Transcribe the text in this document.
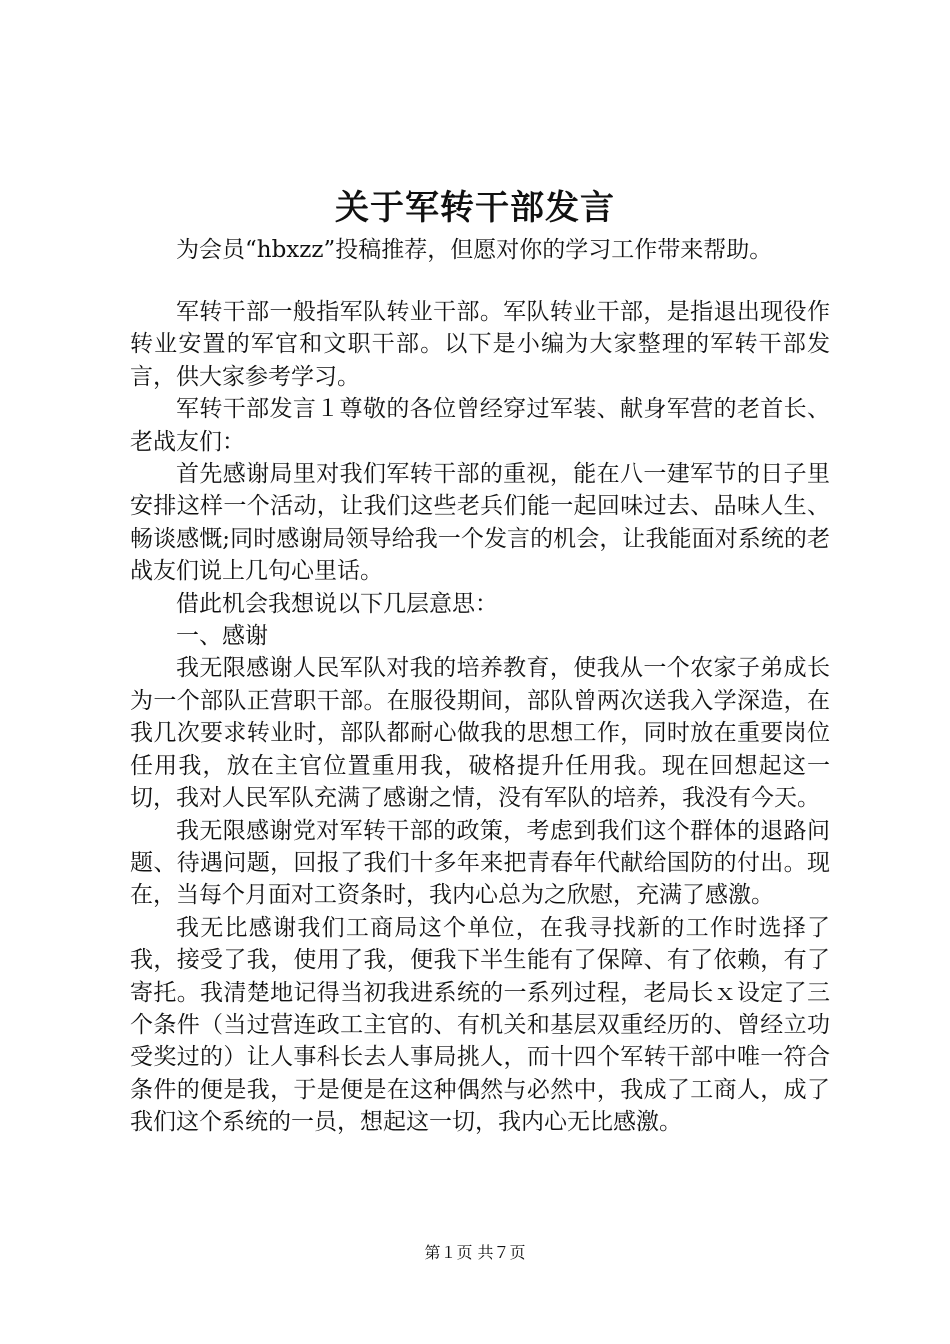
关于军转干部发言
为会员“hbxzz”投稿推荐，但愿对你的学习工作带来帮助。

军转干部一般指军队转业干部。军队转业干部，是指退出现役作转业安置的军官和文职干部。以下是小编为大家整理的军转干部发言，供大家参考学习。

军转干部发言１尊敬的各位曾经穿过军装、献身军营的老首长、老战友们：

首先感谢局里对我们军转干部的重视，能在八一建军节的日子里安排这样一个活动，让我们这些老兵们能一起回味过去、品味人生、畅谈感慨;同时感谢局领导给我一个发言的机会，让我能面对系统的老战友们说上几句心里话。

借此机会我想说以下几层意思：

一、感谢

我无限感谢人民军队对我的培养教育，使我从一个农家子弟成长为一个部队正营职干部。在服役期间，部队曾两次送我入学深造，在我几次要求转业时，部队都耐心做我的思想工作，同时放在重要岗位任用我，放在主官位置重用我，破格提升任用我。现在回想起这一切，我对人民军队充满了感谢之情，没有军队的培养，我没有今天。

我无限感谢党对军转干部的政策，考虑到我们这个群体的退路问题、待遇问题，回报了我们十多年来把青春年代献给国防的付出。现在，当每个月面对工资条时，我内心总为之欣慰，充满了感激。

我无比感谢我们工商局这个单位，在我寻找新的工作时选择了我，接受了我，使用了我，便我下半生能有了保障、有了依赖，有了寄托。我清楚地记得当初我进系统的一系列过程，老局长ｘ设定了三个条件（当过营连政工主官的、有机关和基层双重经历的、曾经立功受奖过的）让人事科长去人事局挑人，而十四个军转干部中唯一符合条件的便是我，于是便是在这种偶然与必然中，我成了工商人，成了我们这个系统的一员，想起这一切，我内心无比感激。

第１页 共７页
